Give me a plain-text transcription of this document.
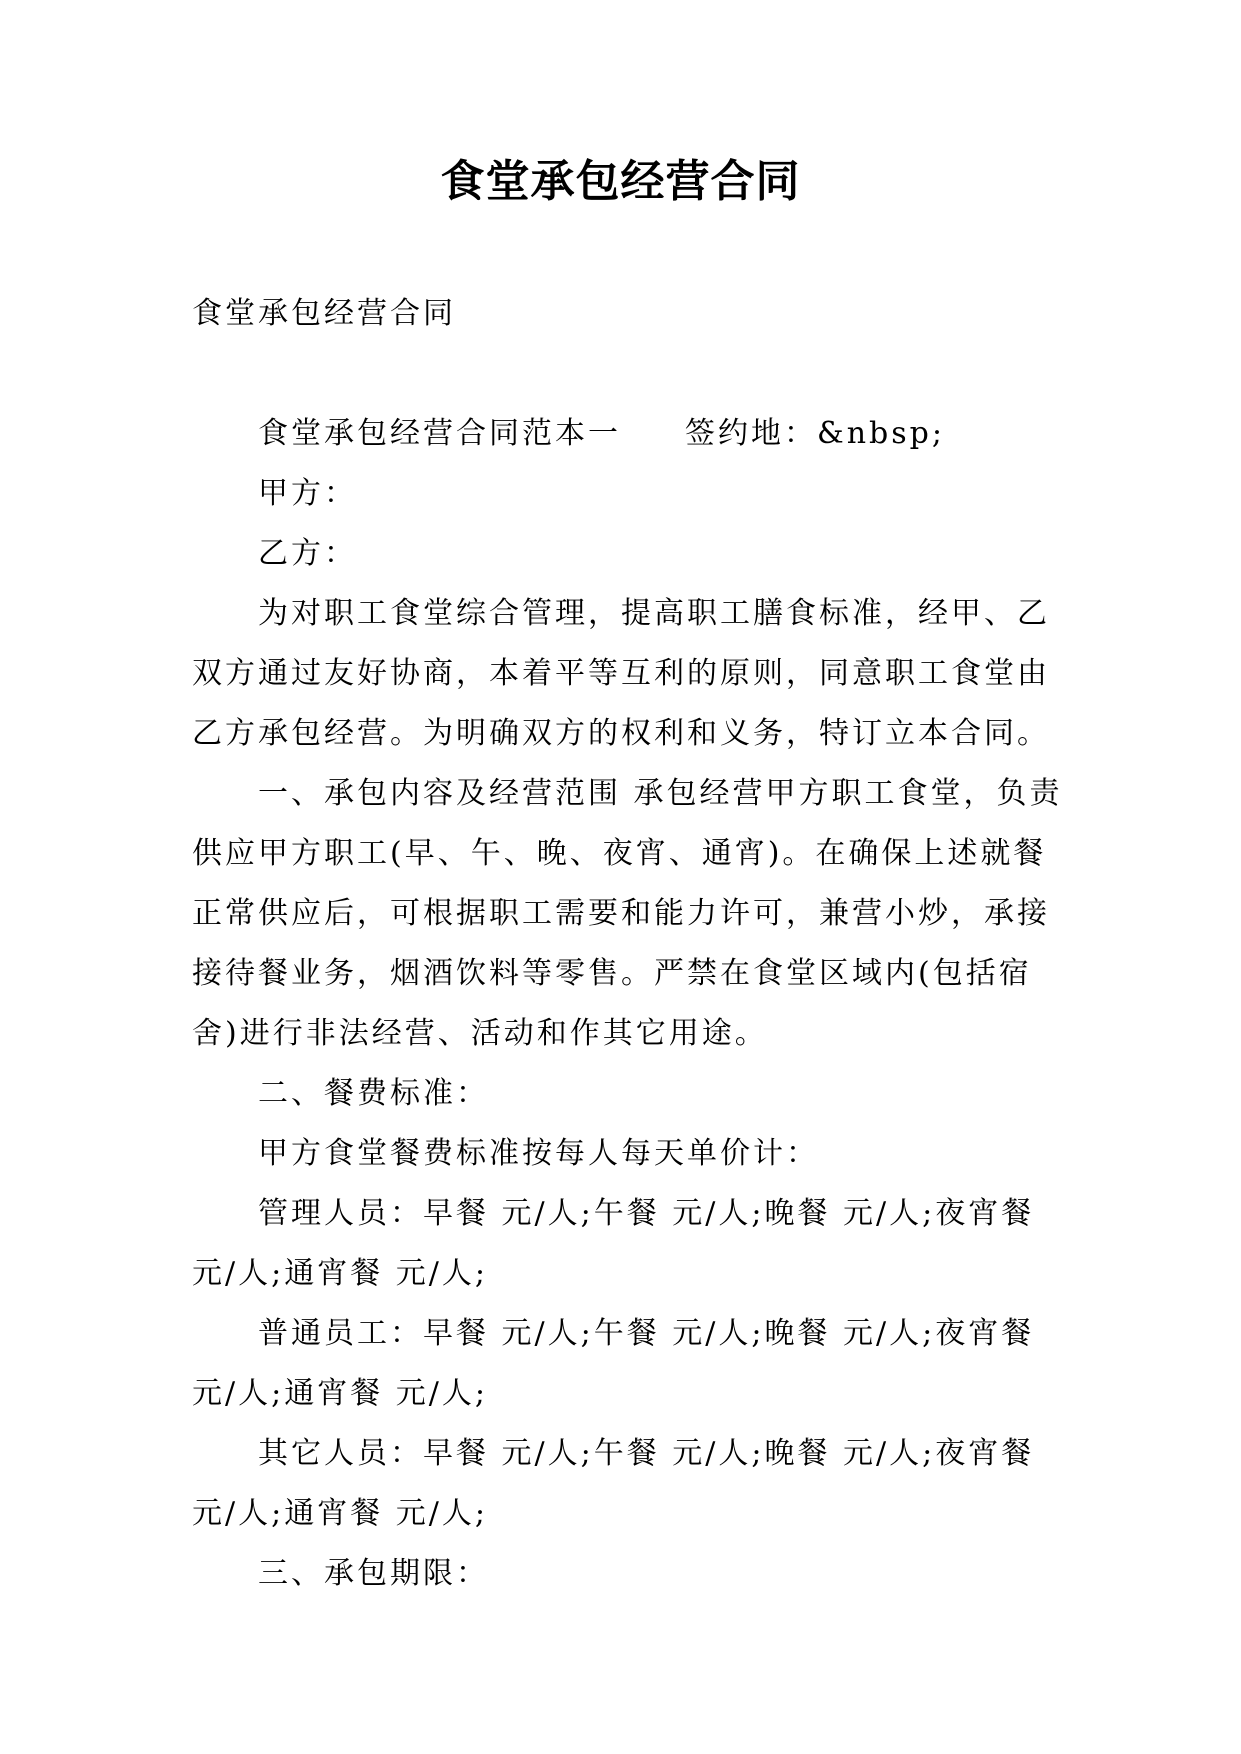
食堂承包经营合同

食堂承包经营合同

食堂承包经营合同范本一 签约地：&nbsp;

甲方：

乙方：

为对职工食堂综合管理，提高职工膳食标准，经甲、乙双方通过友好协商，本着平等互利的原则，同意职工食堂由乙方承包经营。为明确双方的权利和义务，特订立本合同。

一、承包内容及经营范围 承包经营甲方职工食堂，负责供应甲方职工(早、午、晚、夜宵、通宵)。在确保上述就餐正常供应后，可根据职工需要和能力许可，兼营小炒，承接接待餐业务，烟酒饮料等零售。严禁在食堂区域内(包括宿舍)进行非法经营、活动和作其它用途。

二、餐费标准：

甲方食堂餐费标准按每人每天单价计：

管理人员：早餐 元/人;午餐 元/人;晚餐 元/人;夜宵餐 元/人;通宵餐 元/人;

普通员工：早餐 元/人;午餐 元/人;晚餐 元/人;夜宵餐 元/人;通宵餐 元/人;

其它人员：早餐 元/人;午餐 元/人;晚餐 元/人;夜宵餐 元/人;通宵餐 元/人;

三、承包期限：
